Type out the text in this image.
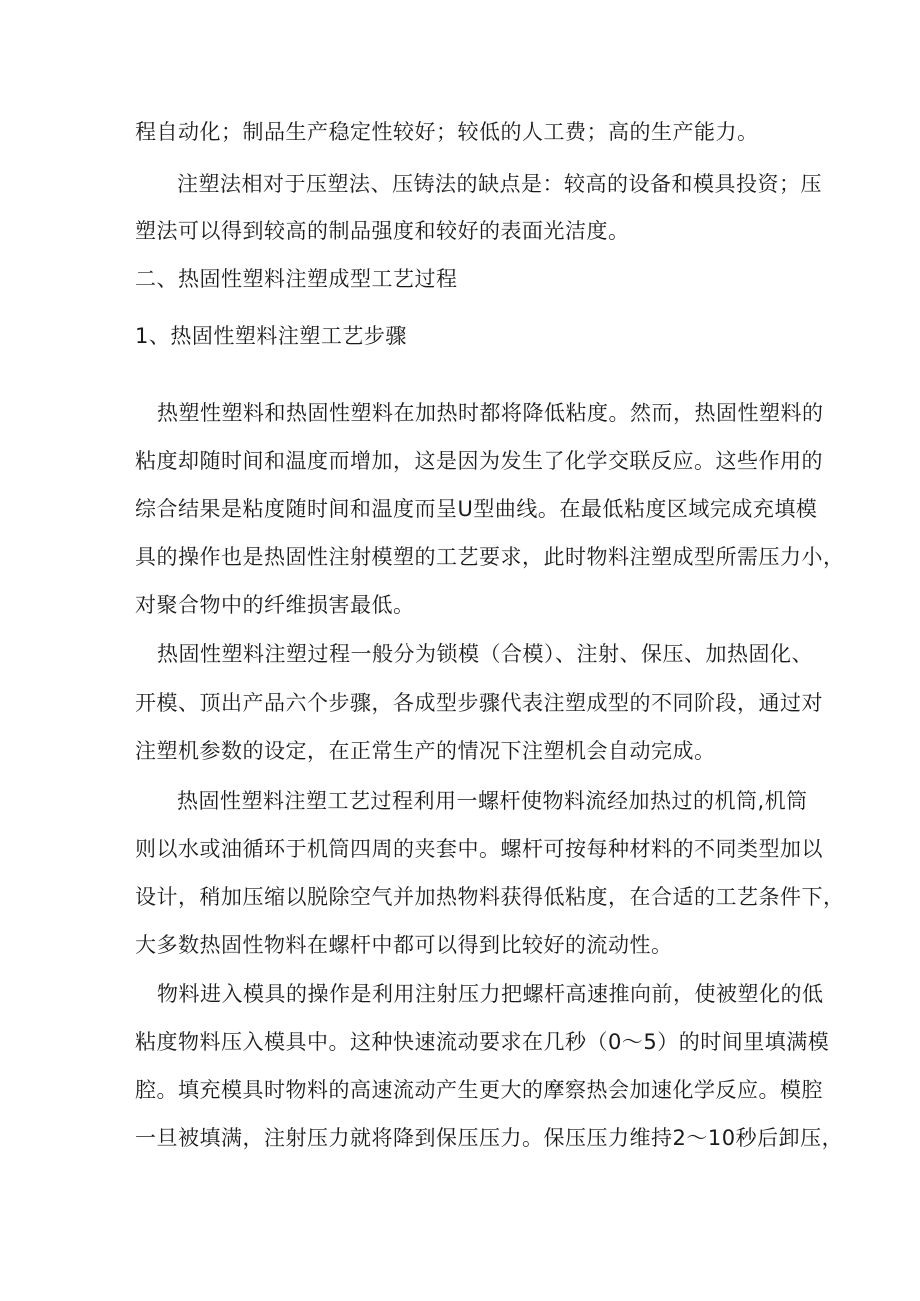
程自动化；制品生产稳定性较好；较低的人工费；高的生产能力。
注塑法相对于压塑法、压铸法的缺点是：较高的设备和模具投资；压
塑法可以得到较高的制品强度和较好的表面光洁度。
二、热固性塑料注塑成型工艺过程
1、热固性塑料注塑工艺步骤
热塑性塑料和热固性塑料在加热时都将降低粘度。然而，热固性塑料的
粘度却随时间和温度而增加，这是因为发生了化学交联反应。这些作用的
综合结果是粘度随时间和温度而呈U型曲线。在最低粘度区域完成充填模
具的操作也是热固性注射模塑的工艺要求，此时物料注塑成型所需压力小，
对聚合物中的纤维损害最低。
热固性塑料注塑过程一般分为锁模（合模）、注射、保压、加热固化、
开模、顶出产品六个步骤，各成型步骤代表注塑成型的不同阶段，通过对
注塑机参数的设定，在正常生产的情况下注塑机会自动完成。
热固性塑料注塑工艺过程利用一螺杆使物料流经加热过的机筒,机筒
则以水或油循环于机筒四周的夹套中。螺杆可按每种材料的不同类型加以
设计，稍加压缩以脱除空气并加热物料获得低粘度，在合适的工艺条件下，
大多数热固性物料在螺杆中都可以得到比较好的流动性。
物料进入模具的操作是利用注射压力把螺杆高速推向前，使被塑化的低
粘度物料压入模具中。这种快速流动要求在几秒（0～5）的时间里填满模
腔。填充模具时物料的高速流动产生更大的摩察热会加速化学反应。模腔
一旦被填满，注射压力就将降到保压压力。保压压力维持2～10秒后卸压，
